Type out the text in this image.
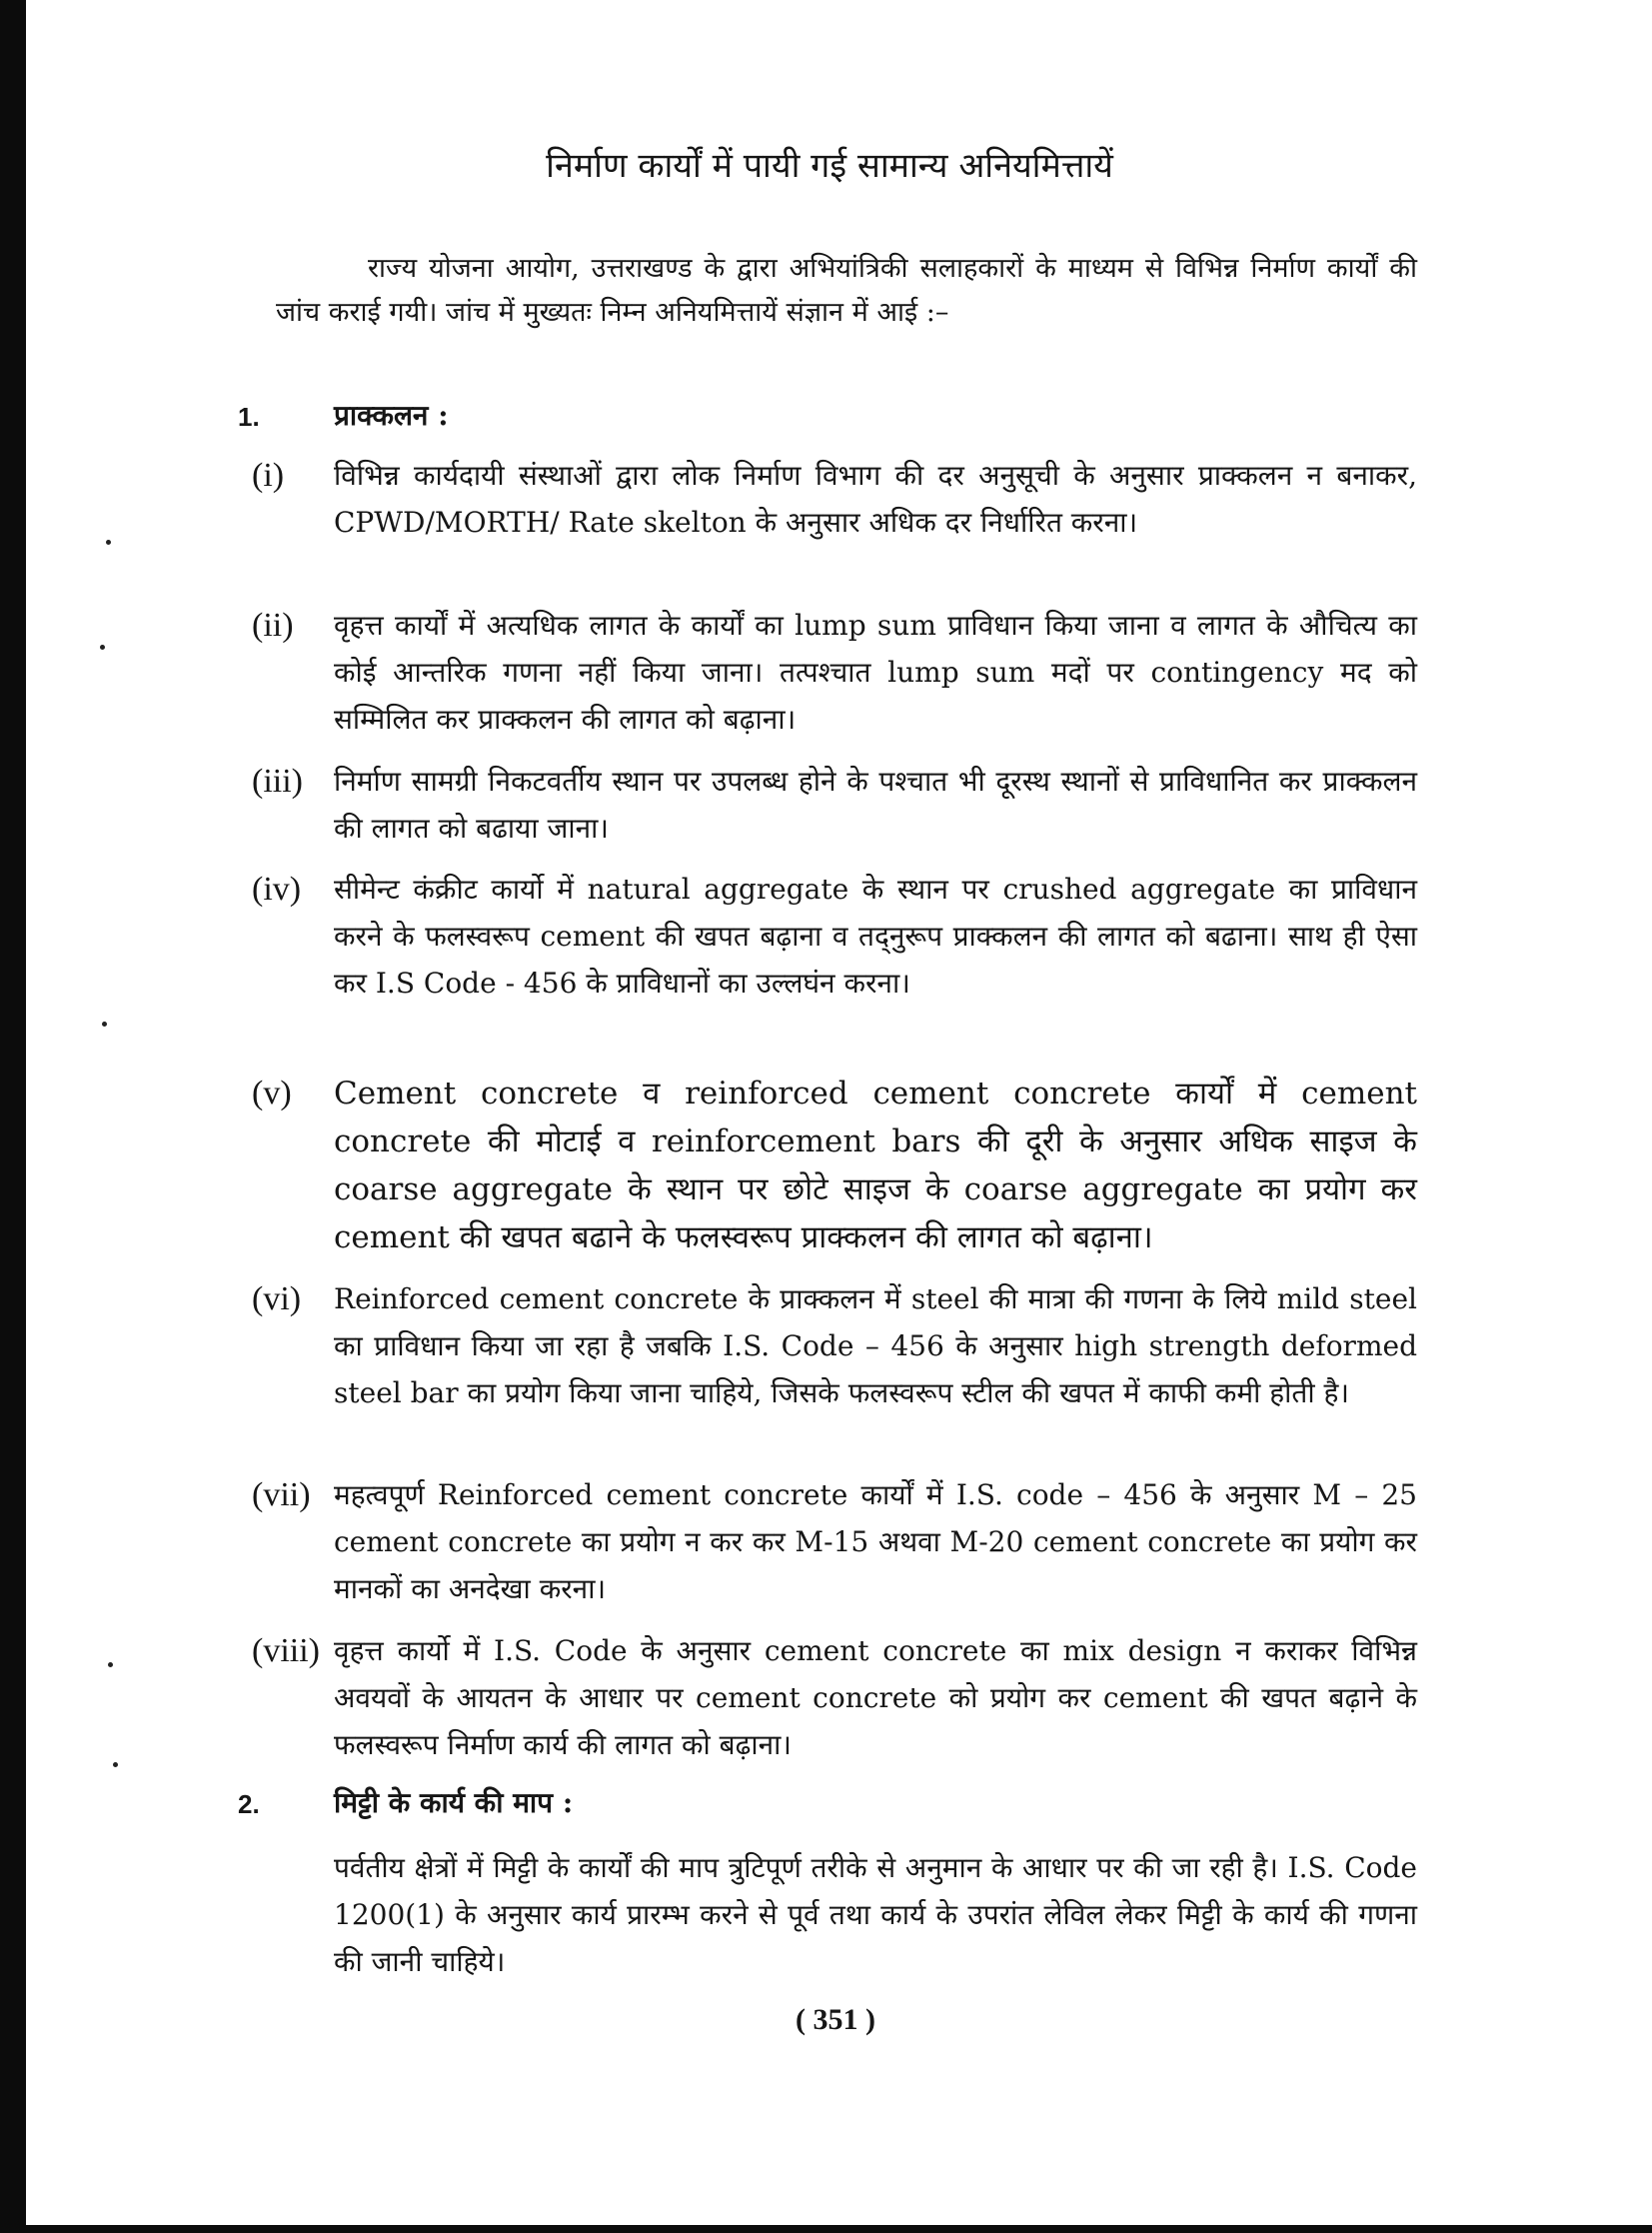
निर्माण कार्यों में पायी गई सामान्य अनियमित्तायें
राज्य योजना आयोग, उत्तराखण्ड के द्वारा अभियांत्रिकी सलाहकारों के माध्यम से विभिन्न निर्माण कार्यों की जांच कराई गयी। जांच में मुख्यतः निम्न अनियमित्तायें संज्ञान में आई :–
1.	प्राक्कलन :
(i)	विभिन्न कार्यदायी संस्थाओं द्वारा लोक निर्माण विभाग की दर अनुसूची के अनुसार प्राक्कलन न बनाकर, CPWD/MORTH/ Rate skelton के अनुसार अधिक दर निर्धारित करना।
(ii)	वृहत्त कार्यों में अत्यधिक लागत के कार्यों का lump sum प्राविधान किया जाना व लागत के औचित्य का कोई आन्तरिक गणना नहीं किया जाना। तत्पश्चात lump sum मदों पर contingency मद को सम्मिलित कर प्राक्कलन की लागत को बढ़ाना।
(iii)	निर्माण सामग्री निकटवर्तीय स्थान पर उपलब्ध होने के पश्चात भी दूरस्थ स्थानों से प्राविधानित कर प्राक्कलन की लागत को बढाया जाना।
(iv)	सीमेन्ट कंक्रीट कार्यो में natural aggregate के स्थान पर crushed aggregate का प्राविधान करने के फलस्वरूप cement की खपत बढ़ाना व तद्नुरूप प्राक्कलन की लागत को बढाना। साथ ही ऐसा कर I.S Code - 456 के प्राविधानों का उल्लघंन करना।
(v)	Cement concrete व reinforced cement concrete कार्यों में cement concrete की मोटाई व reinforcement bars की दूरी के अनुसार अधिक साइज के coarse aggregate के स्थान पर छोटे साइज के coarse aggregate का प्रयोग कर cement की खपत बढाने के फलस्वरूप प्राक्कलन की लागत को बढ़ाना।
(vi)	Reinforced cement concrete के प्राक्कलन में steel की मात्रा की गणना के लिये mild steel का प्राविधान किया जा रहा है जबकि I.S. Code – 456 के अनुसार high strength deformed steel bar का प्रयोग किया जाना चाहिये, जिसके फलस्वरूप स्टील की खपत में काफी कमी होती है।
(vii) महत्वपूर्ण Reinforced cement concrete कार्यों में I.S. code – 456 के अनुसार M – 25 cement concrete का प्रयोग न कर कर M-15 अथवा M-20 cement concrete का प्रयोग कर मानकों का अनदेखा करना।
(viii) वृहत्त कार्यो में I.S. Code के अनुसार cement concrete का mix design न कराकर विभिन्न अवयवों के आयतन के आधार पर cement concrete को प्रयोग कर cement की खपत बढ़ाने के फलस्वरूप निर्माण कार्य की लागत को बढ़ाना।
2.	मिट्टी के कार्य की माप :
पर्वतीय क्षेत्रों में मिट्टी के कार्यों की माप त्रुटिपूर्ण तरीके से अनुमान के आधार पर की जा रही है। I.S. Code 1200(1) के अनुसार कार्य प्रारम्भ करने से पूर्व तथा कार्य के उपरांत लेविल लेकर मिट्टी के कार्य की गणना की जानी चाहिये।
( 351 )
